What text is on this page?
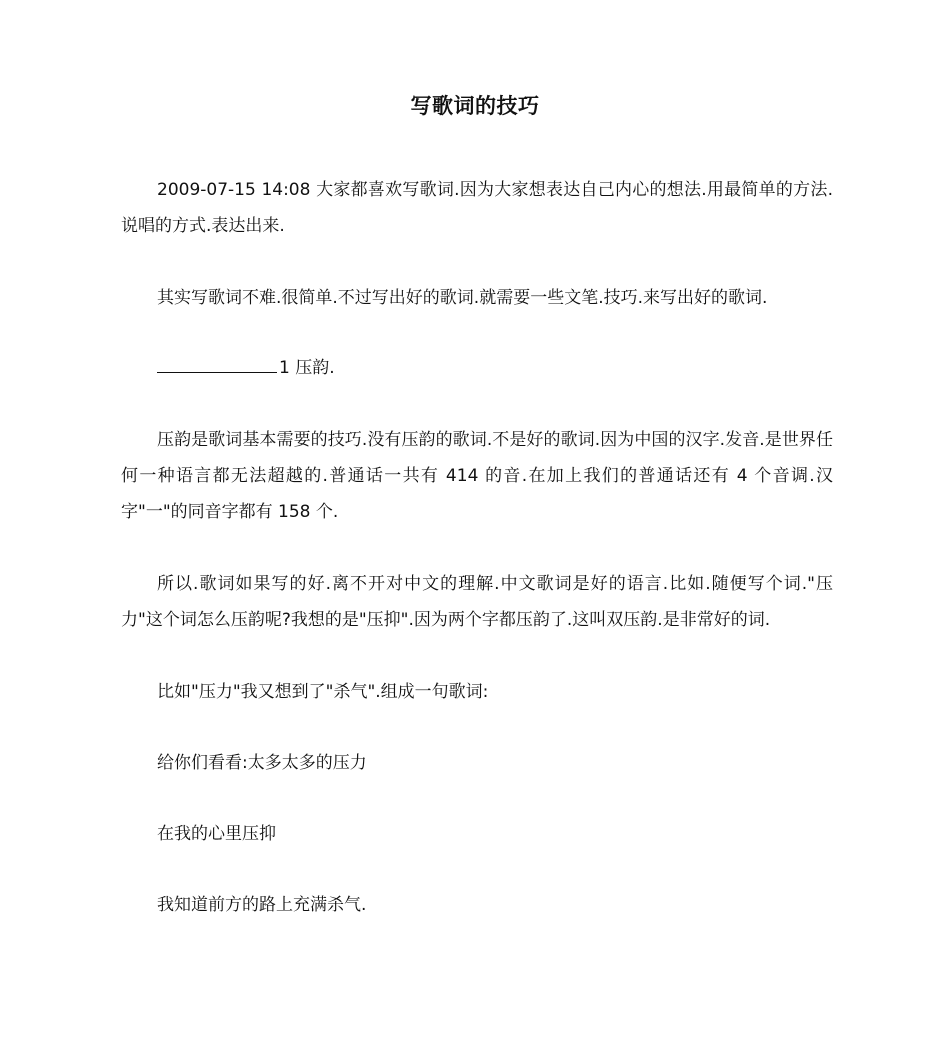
写歌词的技巧

2009-07-15 14:08 大家都喜欢写歌词.因为大家想表达自己内心的想法.用最简单的方法.说唱的方式.表达出来.

其实写歌词不难.很简单.不过写出好的歌词.就需要一些文笔.技巧.来写出好的歌词.

1 压韵.

压韵是歌词基本需要的技巧.没有压韵的歌词.不是好的歌词.因为中国的汉字.发音.是世界任何一种语言都无法超越的.普通话一共有 414 的音.在加上我们的普通话还有 4 个音调.汉字"一"的同音字都有 158 个.

所以.歌词如果写的好.离不开对中文的理解.中文歌词是好的语言.比如.随便写个词."压力"这个词怎么压韵呢?我想的是"压抑".因为两个字都压韵了.这叫双压韵.是非常好的词.

比如"压力"我又想到了"杀气".组成一句歌词:

给你们看看:太多太多的压力

在我的心里压抑

我知道前方的路上充满杀气.
